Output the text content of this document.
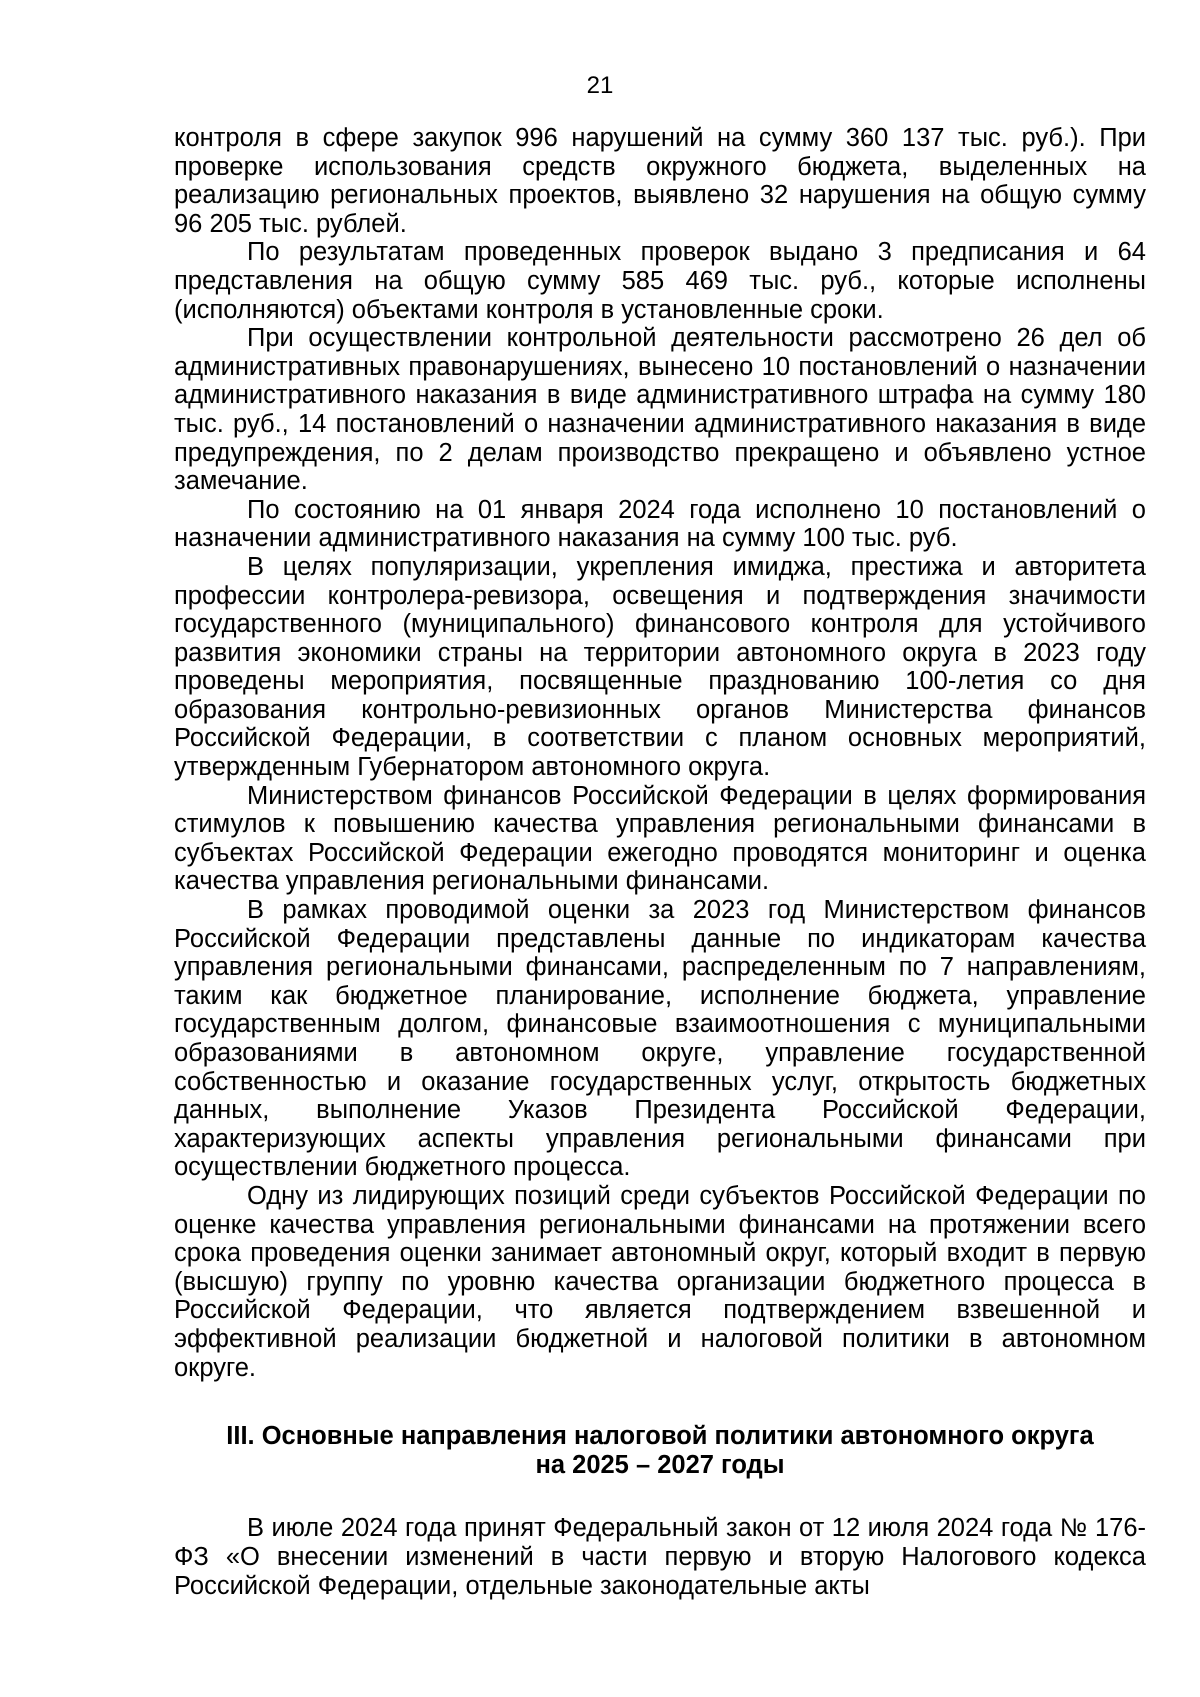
21

контроля в сфере закупок 996 нарушений на сумму 360 137 тыс. руб.). При проверке использования средств окружного бюджета, выделенных на реализацию региональных проектов, выявлено 32 нарушения на общую сумму 96 205 тыс. рублей.

По результатам проведенных проверок выдано 3 предписания и 64 представления на общую сумму 585 469 тыс. руб., которые исполнены (исполняются) объектами контроля в установленные сроки.

При осуществлении контрольной деятельности рассмотрено 26 дел об административных правонарушениях, вынесено 10 постановлений о назначении административного наказания в виде административного штрафа на сумму 180 тыс. руб., 14 постановлений о назначении административного наказания в виде предупреждения, по 2 делам производство прекращено и объявлено устное замечание.

По состоянию на 01 января 2024 года исполнено 10 постановлений о назначении административного наказания на сумму 100 тыс. руб.

В целях популяризации, укрепления имиджа, престижа и авторитета профессии контролера-ревизора, освещения и подтверждения значимости государственного (муниципального) финансового контроля для устойчивого развития экономики страны на территории автономного округа в 2023 году проведены мероприятия, посвященные празднованию 100-летия со дня образования контрольно-ревизионных органов Министерства финансов Российской Федерации, в соответствии с планом основных мероприятий, утвержденным Губернатором автономного округа.

Министерством финансов Российской Федерации в целях формирования стимулов к повышению качества управления региональными финансами в субъектах Российской Федерации ежегодно проводятся мониторинг и оценка качества управления региональными финансами.

В рамках проводимой оценки за 2023 год Министерством финансов Российской Федерации представлены данные по индикаторам качества управления региональными финансами, распределенным по 7 направлениям, таким как бюджетное планирование, исполнение бюджета, управление государственным долгом, финансовые взаимоотношения с муниципальными образованиями в автономном округе, управление государственной собственностью и оказание государственных услуг, открытость бюджетных данных, выполнение Указов Президента Российской Федерации, характеризующих аспекты управления региональными финансами при осуществлении бюджетного процесса.

Одну из лидирующих позиций среди субъектов Российской Федерации по оценке качества управления региональными финансами на протяжении всего срока проведения оценки занимает автономный округ, который входит в первую (высшую) группу по уровню качества организации бюджетного процесса в Российской Федерации, что является подтверждением взвешенной и эффективной реализации бюджетной и налоговой политики в автономном округе.

III. Основные направления налоговой политики автономного округа
на 2025 – 2027 годы

В июле 2024 года принят Федеральный закон от 12 июля 2024 года № 176-ФЗ «О внесении изменений в части первую и вторую Налогового кодекса Российской Федерации, отдельные законодательные акты
